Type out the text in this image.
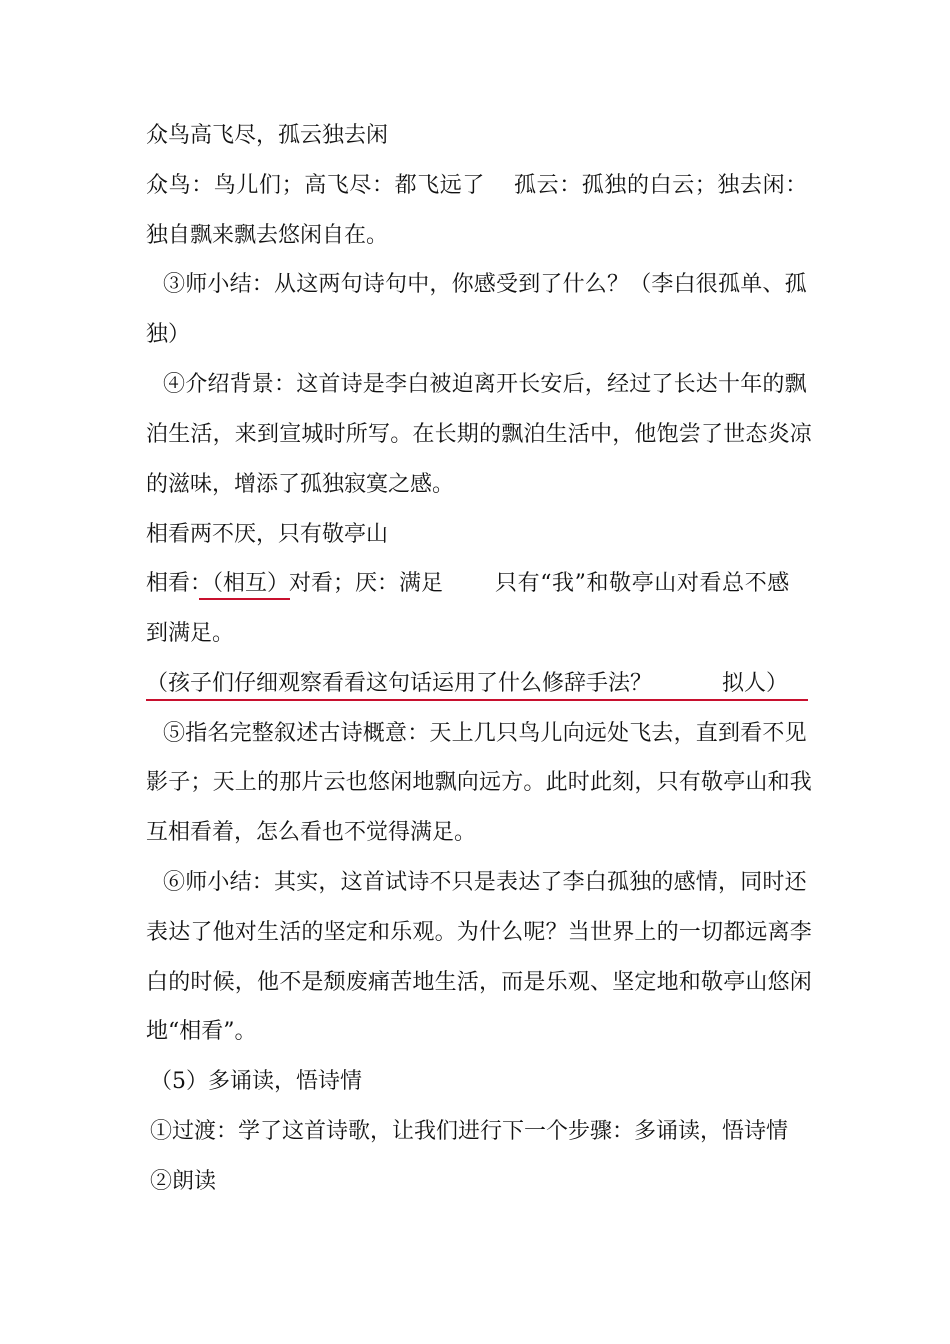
众鸟高飞尽，孤云独去闲
众鸟：鸟儿们；高飞尽：都飞远了 孤云：孤独的白云；独去闲：
独自飘来飘去悠闲自在。
③师小结：从这两句诗句中，你感受到了什么？（李白很孤单、孤
独）
④介绍背景：这首诗是李白被迫离开长安后，经过了长达十年的飘
泊生活，来到宣城时所写。在长期的飘泊生活中，他饱尝了世态炎凉
的滋味，增添了孤独寂寞之感。
相看两不厌，只有敬亭山
相看：（相互）对看；厌：满足 只有“我”和敬亭山对看总不感
到满足。
（孩子们仔细观察看看这句话运用了什么修辞手法？	拟人）
⑤指名完整叙述古诗概意：天上几只鸟儿向远处飞去，直到看不见
影子；天上的那片云也悠闲地飘向远方。此时此刻，只有敬亭山和我
互相看着，怎么看也不觉得满足。
⑥师小结：其实，这首试诗不只是表达了李白孤独的感情，同时还
表达了他对生活的坚定和乐观。为什么呢？当世界上的一切都远离李
白的时候，他不是颓废痛苦地生活，而是乐观、坚定地和敬亭山悠闲
地“相看”。
（5）多诵读，悟诗情
①过渡：学了这首诗歌，让我们进行下一个步骤：多诵读，悟诗情
②朗读
